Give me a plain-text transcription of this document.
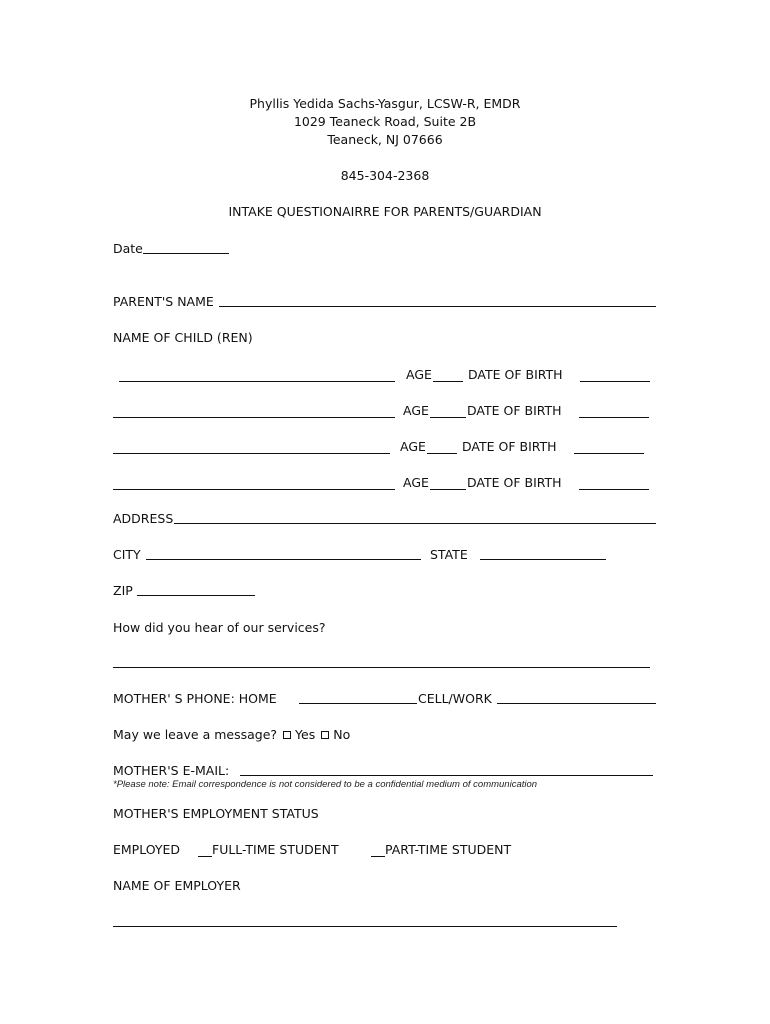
Phyllis Yedida Sachs-Yasgur, LCSW-R, EMDR
1029 Teaneck Road, Suite 2B
Teaneck, NJ 07666
845-304-2368
INTAKE QUESTIONAIRRE FOR PARENTS/GUARDIAN
Date
PARENT'S NAME
NAME OF CHILD (REN)
AGE	DATE OF BIRTH
AGE	DATE OF BIRTH
AGE	DATE OF BIRTH
AGE	DATE OF BIRTH
ADDRESS
CITY	STATE
ZIP
How did you hear of our services?
MOTHER' S PHONE: HOME	CELL/WORK
May we leave a message? Yes No
MOTHER'S E-MAIL:
*Please note: Email correspondence is not considered to be a confidential medium of communication
MOTHER'S EMPLOYMENT STATUS
EMPLOYED	FULL-TIME STUDENT	PART-TIME STUDENT
NAME OF EMPLOYER
